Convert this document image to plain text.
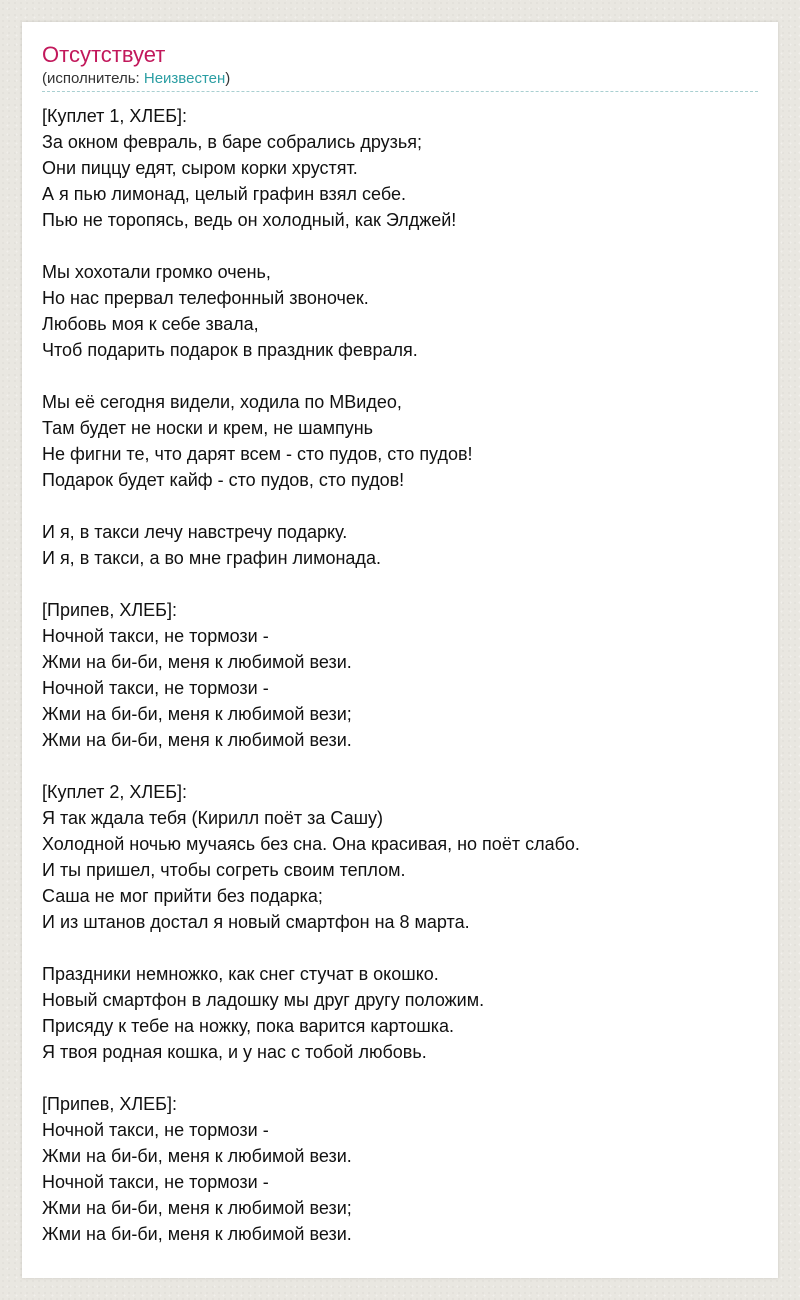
Отсутствует

(исполнитель: Неизвестен)

[Куплет 1, ХЛЕБ]:
За окном февраль, в баре собрались друзья;
Они пиццу едят, сыром корки хрустят.
А я пью лимонад, целый графин взял себе.
Пью не торопясь, ведь он холодный, как Элджей!
Мы хохотали громко очень,
Но нас прервал телефонный звоночек.
Любовь моя к себе звала,
Чтоб подарить подарок в праздник февраля.
Мы её сегодня видели, ходила по МВидео,
Там будет не носки и крем, не шампунь
Не фигни те, что дарят всем - сто пудов, сто пудов!
Подарок будет кайф - сто пудов, сто пудов!
И я, в такси лечу навстречу подарку.
И я, в такси, а во мне графин лимонада.
[Припев, ХЛЕБ]:
Ночной такси, не тормози -
Жми на би-би, меня к любимой вези.
Ночной такси, не тормози -
Жми на би-би, меня к любимой вези;
Жми на би-би, меня к любимой вези.
[Куплет 2, ХЛЕБ]:
Я так ждала тебя (Кирилл поёт за Сашу)
Холодной ночью мучаясь без сна. Она красивая, но поёт слабо.
И ты пришел, чтобы согреть своим теплом.
Саша не мог прийти без подарка;
И из штанов достал я новый смартфон на 8 марта.
Праздники немножко, как снег стучат в окошко.
Новый смартфон в ладошку мы друг другу положим.
Присяду к тебе на ножку, пока варится картошка.
Я твоя родная кошка, и у нас с тобой любовь.
[Припев, ХЛЕБ]:
Ночной такси, не тормози -
Жми на би-би, меня к любимой вези.
Ночной такси, не тормози -
Жми на би-би, меня к любимой вези;
Жми на би-би, меня к любимой вези.
